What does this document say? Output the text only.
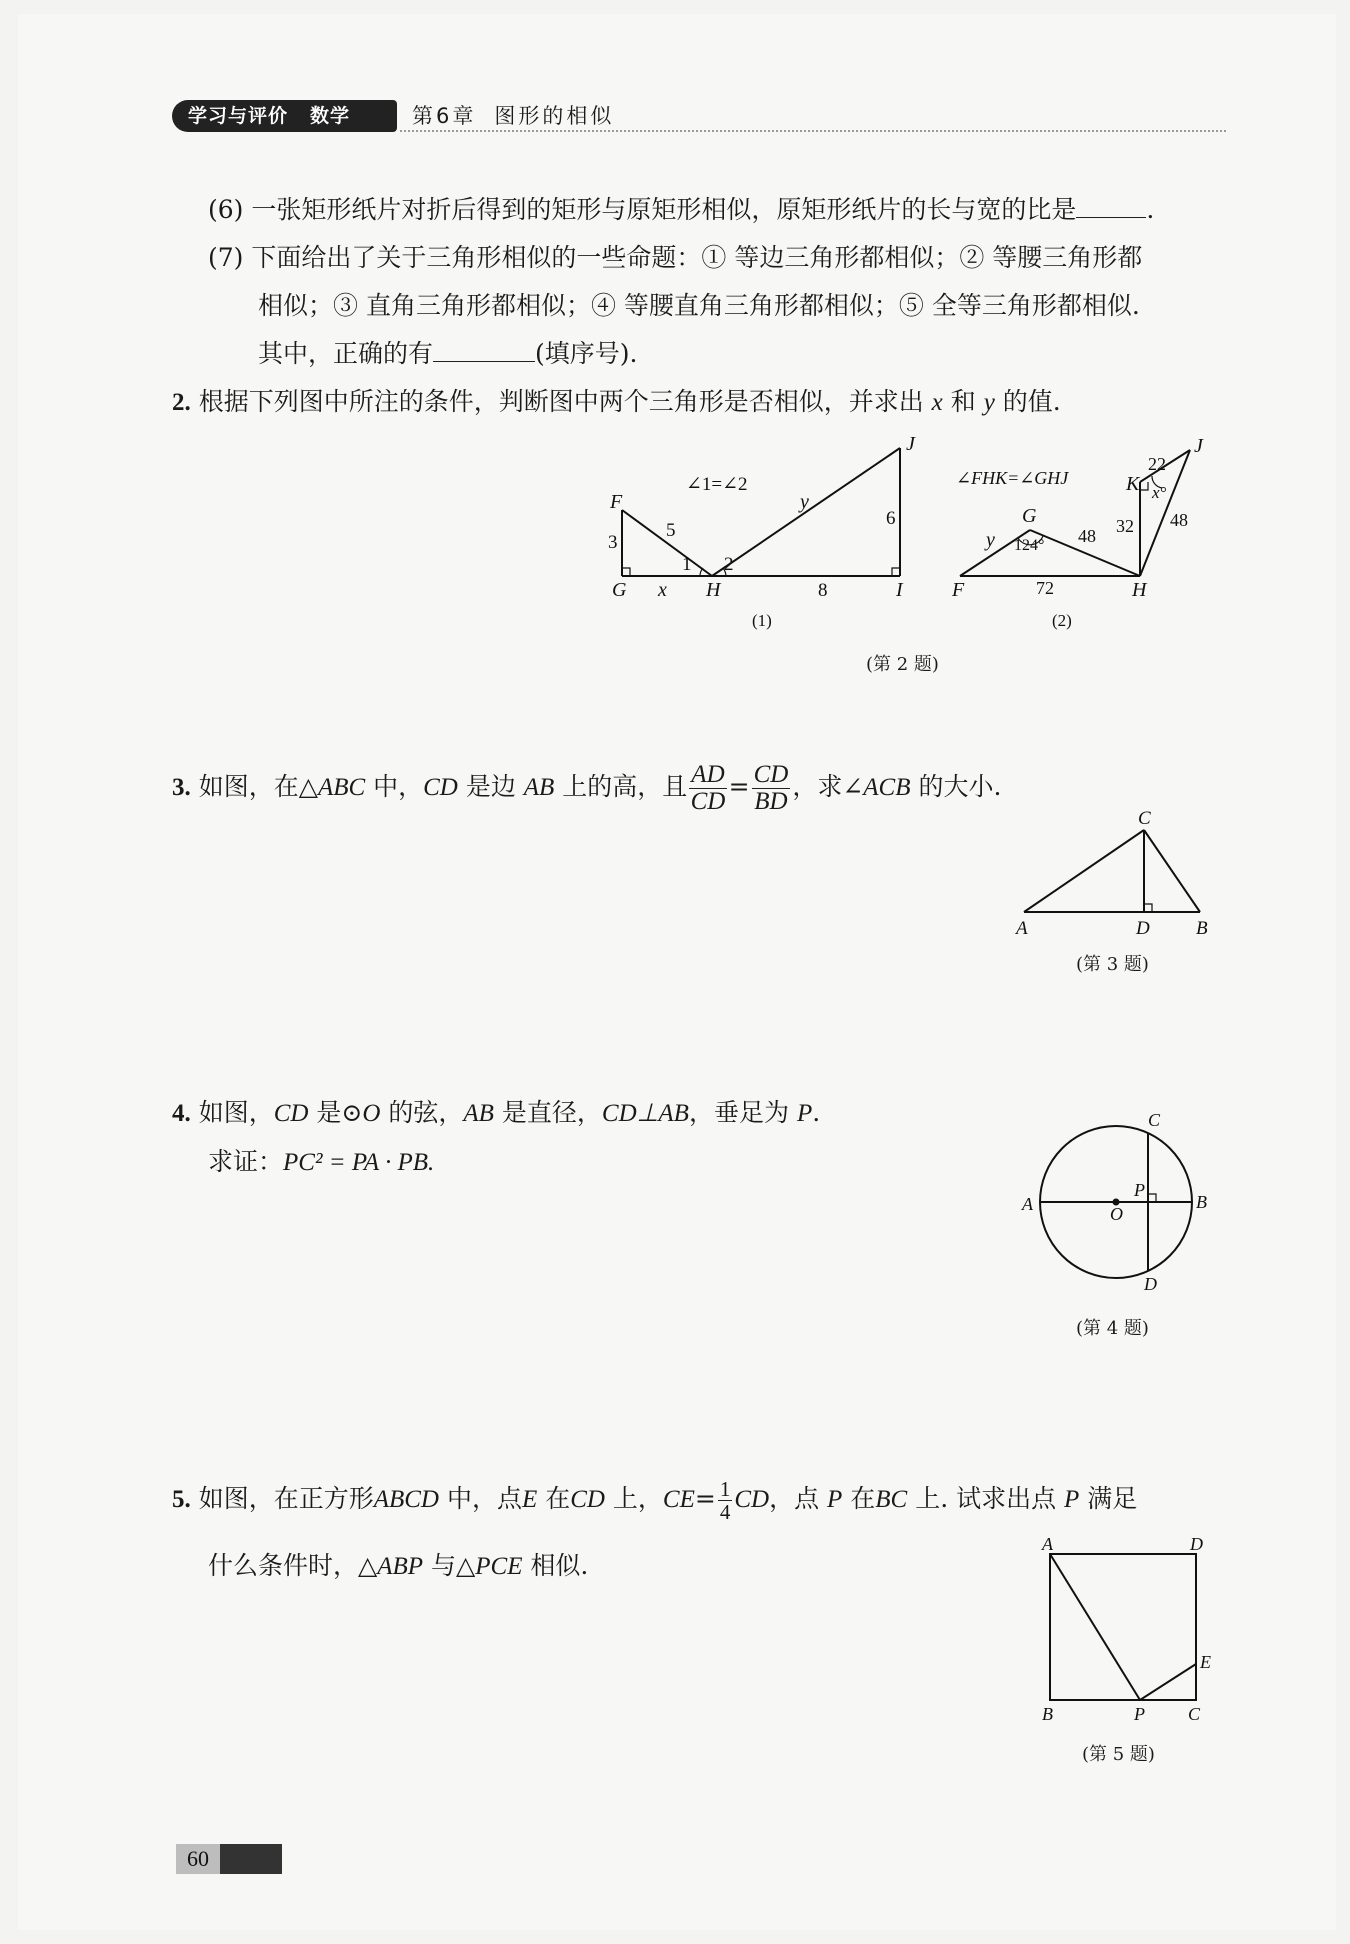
学习与评价 数学	第6章 图形的相似
(6) 一张矩形纸片对折后得到的矩形与原矩形相似，原矩形纸片的长与宽的比是	.
(7) 下面给出了关于三角形相似的一些命题：① 等边三角形都相似；② 等腰三角形都
相似；③ 直角三角形都相似；④ 等腰直角三角形都相似；⑤ 全等三角形都相似.
其中，正确的有	(填序号).
2. 根据下列图中所注的条件，判断图中两个三角形是否相似，并求出 x 和 y 的值.
F
G	H	I
J
x
y
3
5
6
8
1 2
∠1=∠2
(1)
F
G
H
K
J
y
x°
∠FHK=∠GHJ
22
32
48
48
72
124°
(2)
(第 2 题)
3. 如图，在△ABC 中，CD 是边 AB 上的高，且 $\frac{AD}{CD} = \frac{CD}{BD}$ ，求∠ACB 的大小.
A	B
C
D
(第 3 题)
4. 如图，CD 是⊙O 的弦，AB 是直径，CD⊥AB，垂足为 P.
求证：PC² = PA · PB.
A	B
C
D
O
P
(第 4 题)
5. 如图，在正方形ABCD 中，点E 在CD 上，$CE= \frac{1}{4}$ CD，点 P 在BC 上. 试求出点 P 满足
什么条件时，△ABP 与△PCE 相似.
A	D
B	C
E
P
(第 5 题)
60
